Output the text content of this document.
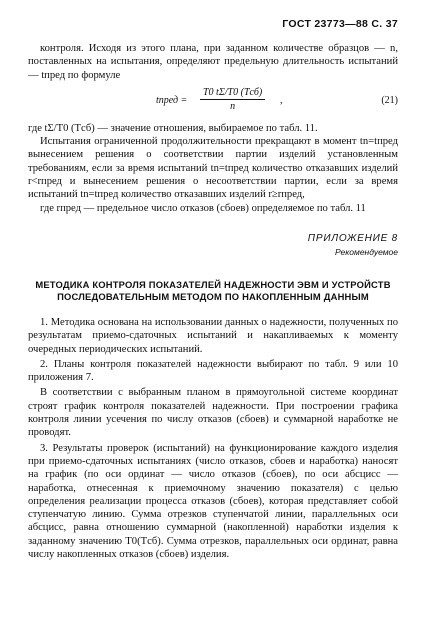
ГОСТ 23773—88 С. 37

контроля. Исходя из этого плана, при заданном количестве образцов — n, поставленных на испытания, определяют предельную длительность испытаний — tпред по формуле

tпред =
T0 tΣ/T0 (Tсб)
n
,	(21)

где tΣ/T0 (Tсб) — значение отношения, выбираемое по табл. 11.

Испытания ограниченной продолжительности прекращают в момент tn=tпред вынесением решения о соответствии партии изделий установленным требованиям, если за время испытаний tn=tпред количество отказавших изделий r<rпред и вынесением решения о несоответствии партии, если за время испытаний tn=tпред количество отказавших изделий r≥rпред,

где rпред — предельное число отказов (сбоев) определяемое по табл. 11

ПРИЛОЖЕНИЕ 8
Рекомендуемое
МЕТОДИКА КОНТРОЛЯ ПОКАЗАТЕЛЕЙ НАДЕЖНОСТИ ЭВМ И УСТРОЙСТВ ПОСЛЕДОВАТЕЛЬНЫМ МЕТОДОМ ПО НАКОПЛЕННЫМ ДАННЫМ

1. Методика основана на использовании данных о надежности, полученных по результатам приемо-сдаточных испытаний и накапливаемых к моменту очередных периодических испытаний.

2. Планы контроля показателей надежности выбирают по табл. 9 или 10 приложения 7.

В соответствии с выбранным планом в прямоугольной системе координат строят график контроля показателей надежности. При построении графика контроля линии усечения по числу отказов (сбоев) и суммарной наработке не проводят.

3. Результаты проверок (испытаний) на функционирование каждого изделия при приемо-сдаточных испытаниях (число отказов, сбоев и наработка) наносят на график (по оси ординат — число отказов (сбоев), по оси абсцисс — наработка, отнесенная к приемочному значению показателя) с целью определения реализации процесса отказов (сбоев), которая представляет собой ступенчатую линию. Сумма отрезков ступенчатой линии, параллельных оси абсцисс, равна отношению суммарной (накопленной) наработки изделия к заданному значению T0(Tсб). Сумма отрезков, параллельных оси ординат, равна числу накопленных отказов (сбоев) изделия.
